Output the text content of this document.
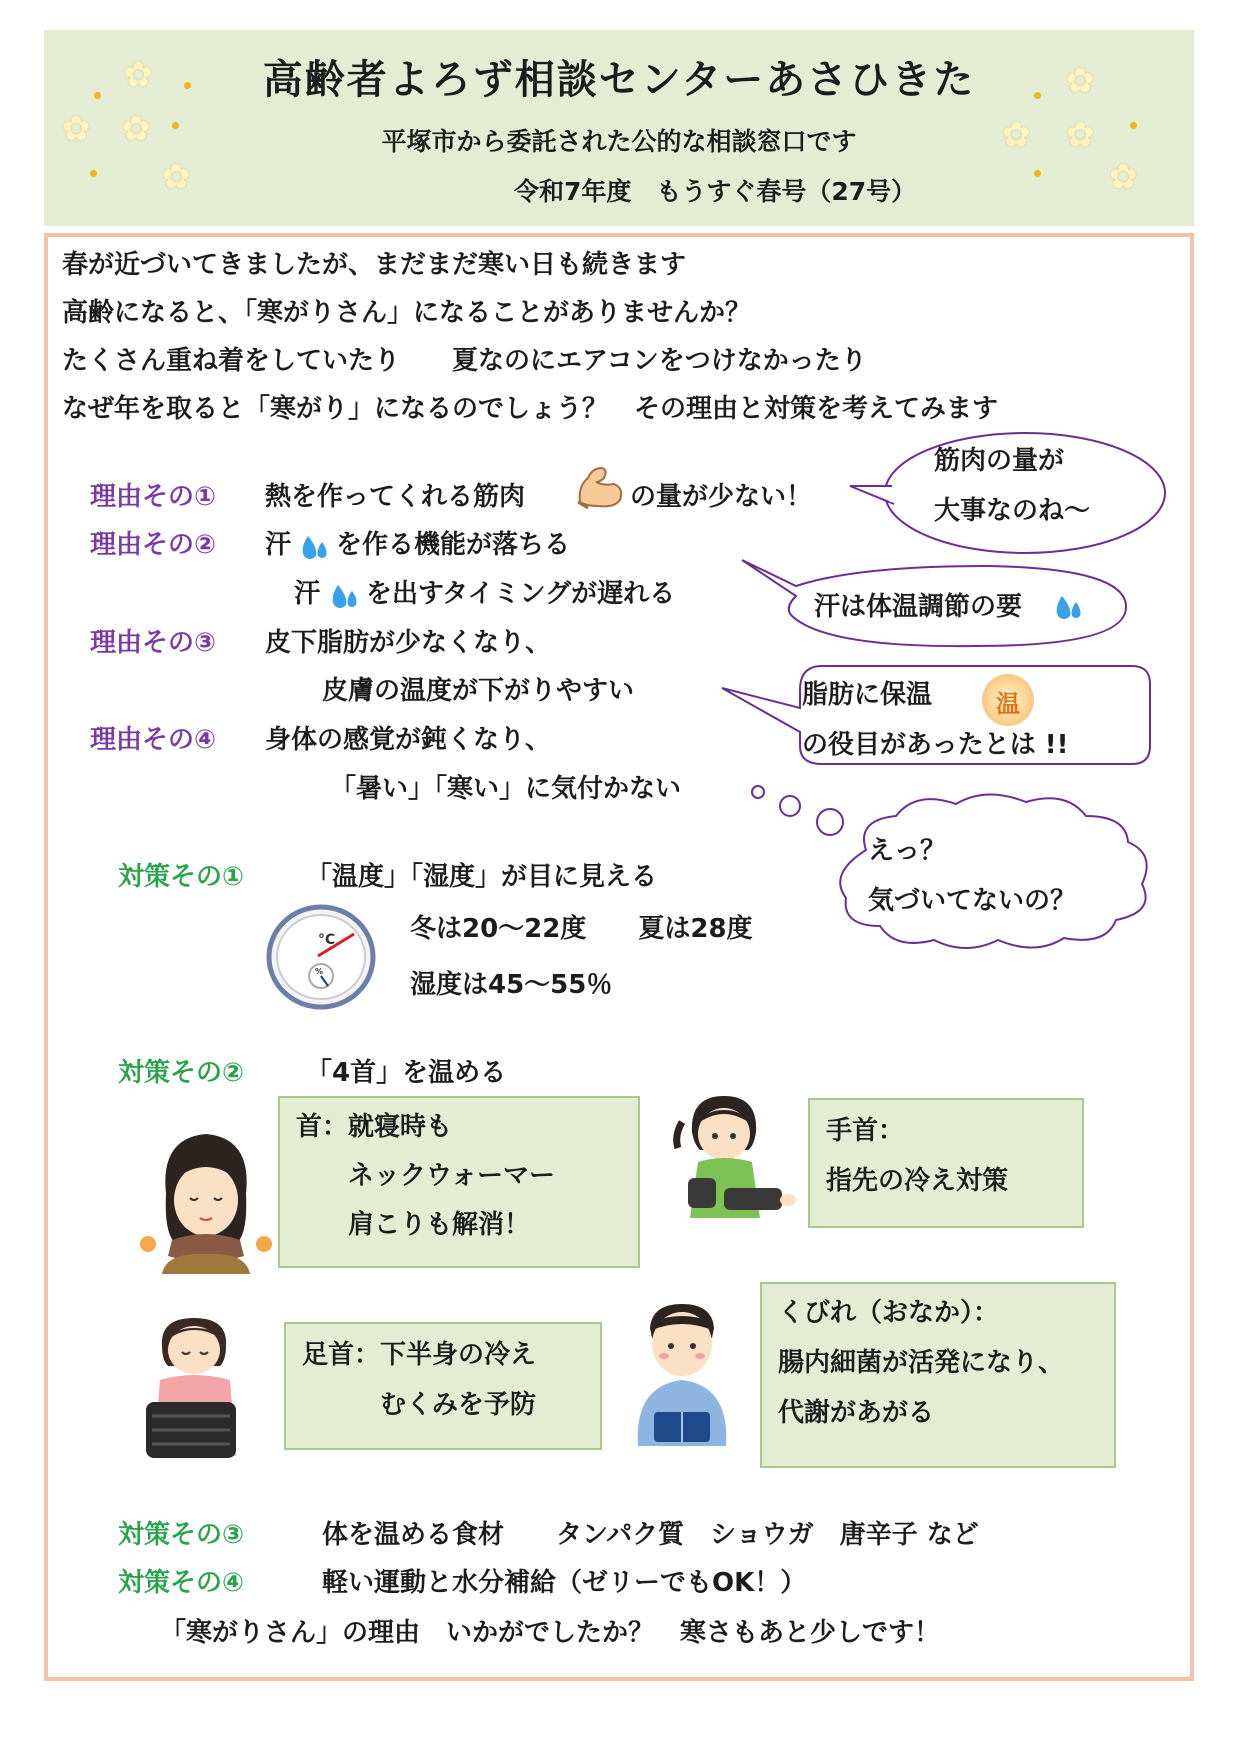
高齢者よろず相談センターあさひきた
平塚市から委託された公的な相談窓口です
令和7年度　もうすぐ春号（27号）
✿
✿ ✿
✿
✿
✿ ✿
✿
春が近づいてきましたが、まだまだ寒い日も続きます
高齢になると、「寒がりさん」になることがありませんか？
たくさん重ね着をしていたり　　夏なのにエアコンをつけなかったり
なぜ年を取ると「寒がり」になるのでしょう？　その理由と対策を考えてみます
理由その① 熱を作ってくれる筋肉	の量が少ない！
理由その② 汗 を作る機能が落ちる
汗 を出すタイミングが遅れる
理由その③ 皮下脂肪が少なくなり、
皮膚の温度が下がりやすい
理由その④ 身体の感覚が鈍くなり、
「暑い」「寒い」に気付かない
筋肉の量が
大事なのね～
汗は体温調節の要
脂肪に保温
の役目があったとは !!
温
えっ？
気づいてないの？
対策その① 「温度」「湿度」が目に見える
°C
%
冬は20～22度　　夏は28度
湿度は45～55％
対策その② 「4首」を温める
首：就寝時も
　　ネックウォーマー
　　肩こりも解消！
手首：
指先の冷え対策
足首：下半身の冷え
　　　むくみを予防
くびれ（おなか）：
腸内細菌が活発になり、
代謝があがる
対策その③	体を温める食材　　タンパク質　ショウガ　唐辛子 など
対策その④	軽い運動と水分補給（ゼリーでもOK！）
「寒がりさん」の理由　いかがでしたか？　寒さもあと少しです！
